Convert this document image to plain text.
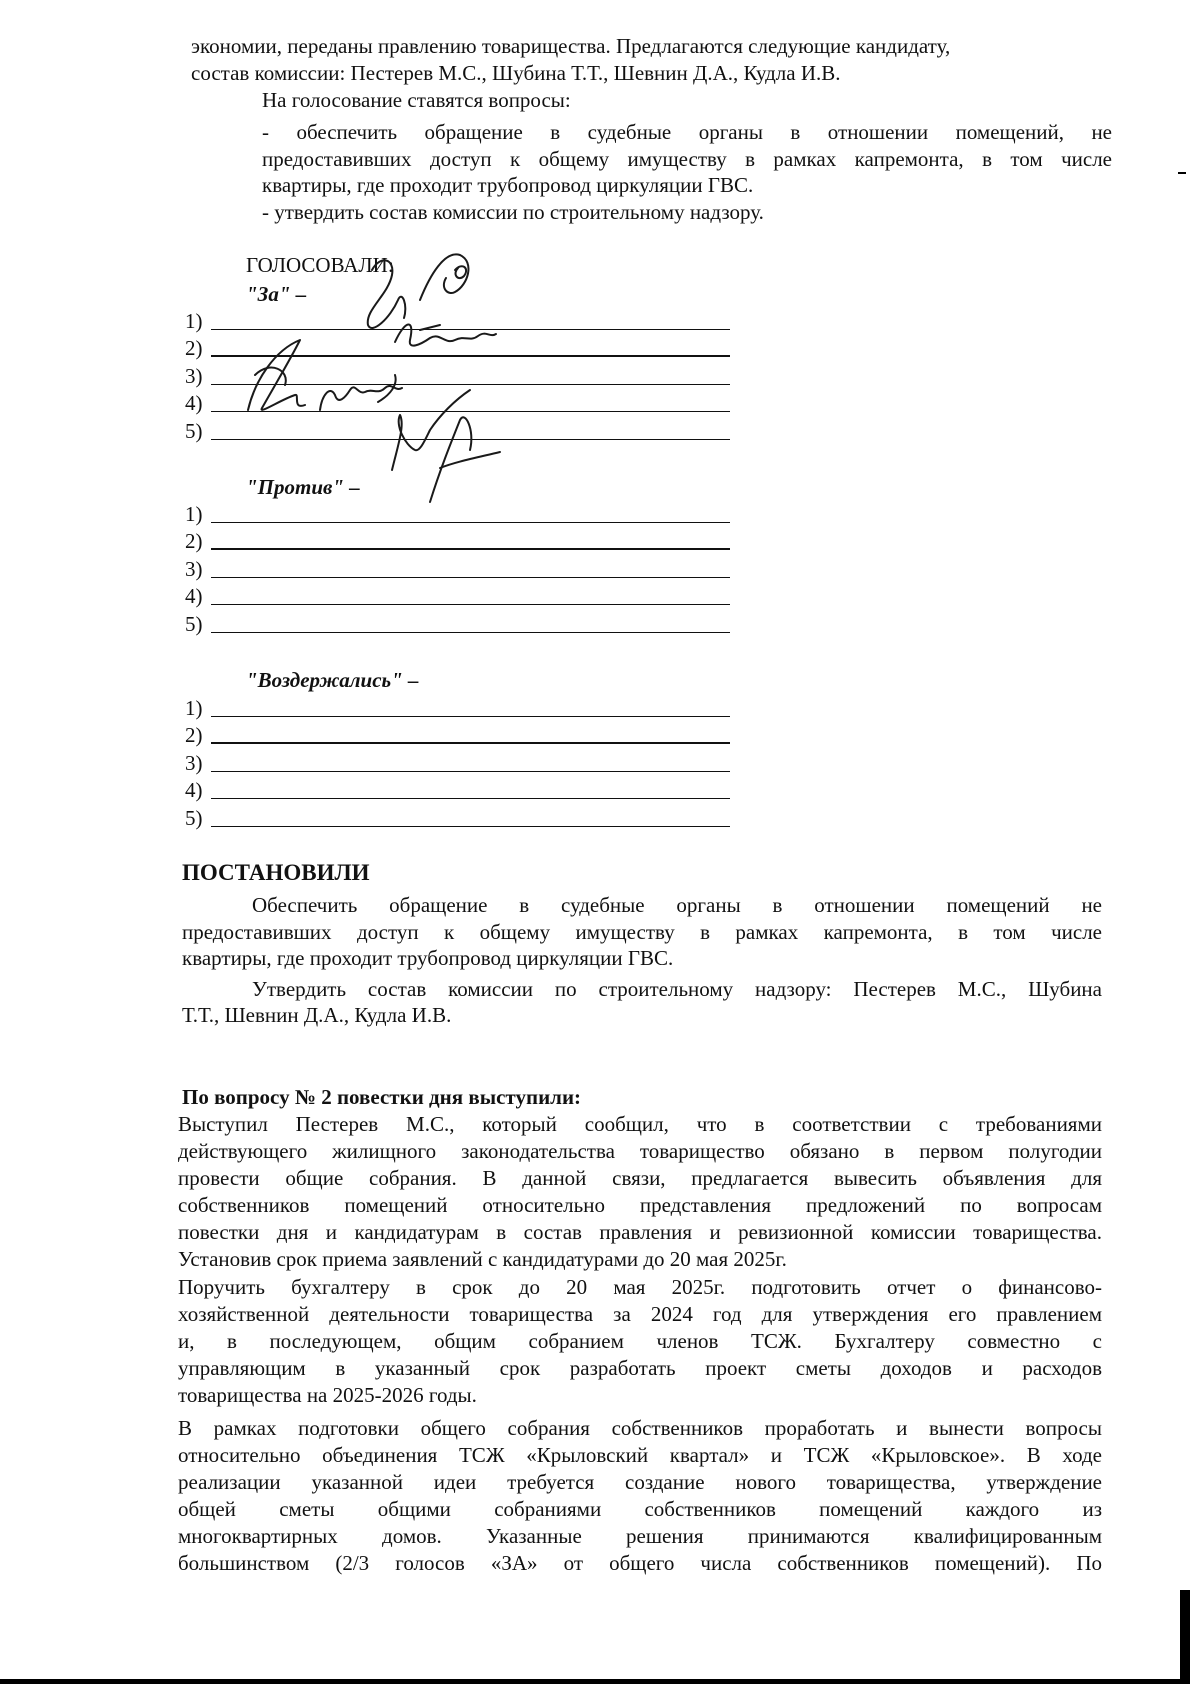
экономии, переданы правлению товарищества. Предлагаются следующие кандидату,
состав комиссии: Пестерев М.С., Шубина Т.Т., Шевнин Д.А., Кудла И.В.
На голосование ставятся вопросы:
- обеспечить обращение в судебные органы в отношении помещений, не
предоставивших доступ к общему имуществу в рамках капремонта, в том числе
квартиры, где проходит трубопровод циркуляции ГВС.
- утвердить состав комиссии по строительному надзору.
ГОЛОСОВАЛИ:
"За" –
1)
2)
3)
4)
5)
"Против" –
1)
2)
3)
4)
5)
"Воздержались" –
1)
2)
3)
4)
5)
ПОСТАНОВИЛИ
Обеспечить обращение в судебные органы в отношении помещений не
предоставивших доступ к общему имуществу в рамках капремонта, в том числе
квартиры, где проходит трубопровод циркуляции ГВС.
Утвердить состав комиссии по строительному надзору: Пестерев М.С., Шубина
Т.Т., Шевнин Д.А., Кудла И.В.
По вопросу № 2 повестки дня выступили:
Выступил Пестерев М.С., который сообщил, что в соответствии с требованиями
действующего жилищного законодательства товарищество обязано в первом полугодии
провести общие собрания. В данной связи, предлагается вывесить объявления для
собственников помещений относительно представления предложений по вопросам
повестки дня и кандидатурам в состав правления и ревизионной комиссии товарищества.
Установив срок приема заявлений с кандидатурами до 20 мая 2025г.
Поручить бухгалтеру в срок до 20 мая 2025г. подготовить отчет о финансово-
хозяйственной деятельности товарищества за 2024 год для утверждения его правлением
и, в последующем, общим собранием членов ТСЖ. Бухгалтеру совместно с
управляющим в указанный срок разработать проект сметы доходов и расходов
товарищества на 2025-2026 годы.
В рамках подготовки общего собрания собственников проработать и вынести вопросы
относительно объединения ТСЖ «Крыловский квартал» и ТСЖ «Крыловское». В ходе
реализации указанной идеи требуется создание нового товарищества, утверждение
общей сметы общими собраниями собственников помещений каждого из
многоквартирных домов. Указанные решения принимаются квалифицированным
большинством (2/3 голосов «ЗА» от общего числа собственников помещений). По
